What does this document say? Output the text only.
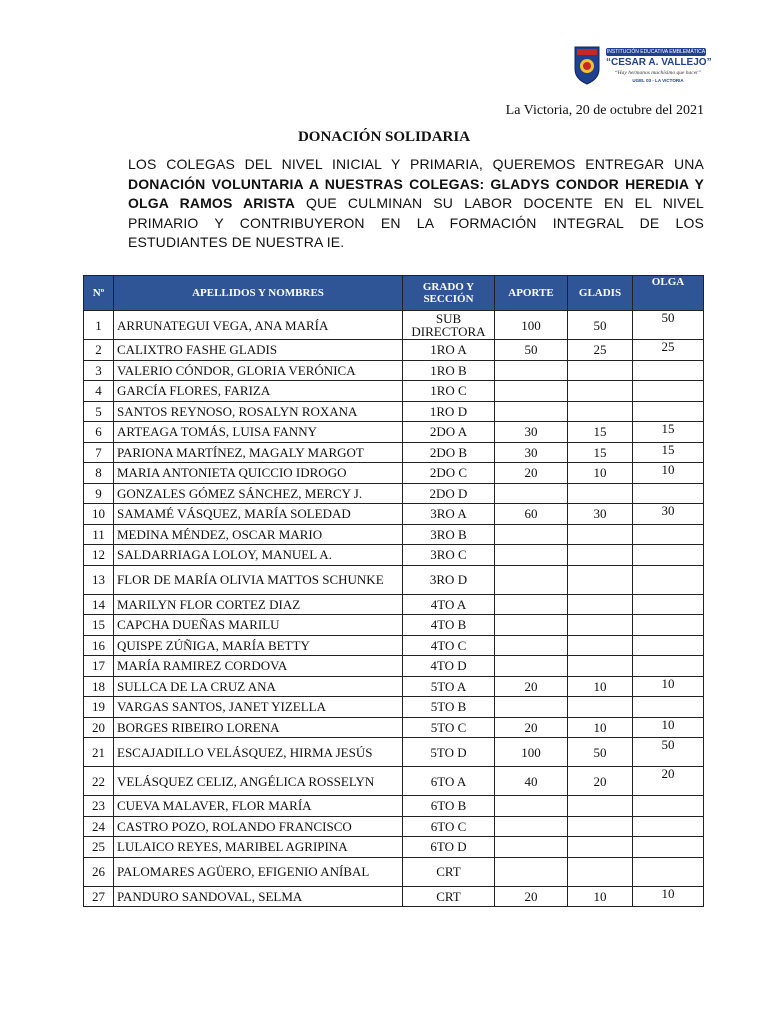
INSTITUCIÓN EDUCATIVA EMBLEMÁTICA
“CESAR A. VALLEJO”
“Hay hermanos muchísimo que hacer”
UGEL 03 - LA VICTORIA
La Victoria, 20 de octubre del 2021
DONACIÓN SOLIDARIA
LOS COLEGAS DEL NIVEL INICIAL Y PRIMARIA, QUEREMOS ENTREGAR UNA DONACIÓN VOLUNTARIA A NUESTRAS COLEGAS: GLADYS CONDOR HEREDIA Y OLGA RAMOS ARISTA QUE CULMINAN SU LABOR DOCENTE EN EL NIVEL PRIMARIO Y CONTRIBUYERON EN LA FORMACIÓN INTEGRAL DE LOS ESTUDIANTES DE NUESTRA IE.
Nº	APELLIDOS Y NOMBRES	GRADO Y SECCIÓN	APORTE	GLADIS	OLGA
1	ARRUNATEGUI VEGA, ANA MARÍA	SUB DIRECTORA	100	50	50
2	CALIXTRO FASHE GLADIS	1RO A	50	25	25
3	VALERIO CÓNDOR, GLORIA VERÓNICA	1RO B			
4	GARCÍA FLORES, FARIZA	1RO C			
5	SANTOS REYNOSO, ROSALYN ROXANA	1RO D			
6	ARTEAGA TOMÁS, LUISA FANNY	2DO A	30	15	15
7	PARIONA MARTÍNEZ, MAGALY MARGOT	2DO B	30	15	15
8	MARIA ANTONIETA QUICCIO IDROGO	2DO C	20	10	10
9	GONZALES GÓMEZ SÁNCHEZ, MERCY J.	2DO D			
10	SAMAMÉ VÁSQUEZ, MARÍA SOLEDAD	3RO A	60	30	30
11	MEDINA MÉNDEZ, OSCAR MARIO	3RO B			
12	SALDARRIAGA LOLOY, MANUEL A.	3RO C			
13	FLOR DE MARÍA OLIVIA MATTOS SCHUNKE	3RO D			
14	MARILYN FLOR CORTEZ DIAZ	4TO A			
15	CAPCHA DUEÑAS MARILU	4TO B			
16	QUISPE ZÚÑIGA, MARÍA BETTY	4TO C			
17	MARÍA RAMIREZ CORDOVA	4TO D			
18	SULLCA DE LA CRUZ ANA	5TO A	20	10	10
19	VARGAS SANTOS, JANET YIZELLA	5TO B			
20	BORGES RIBEIRO LORENA	5TO C	20	10	10
21	ESCAJADILLO VELÁSQUEZ, HIRMA JESÚS	5TO D	100	50	50
22	VELÁSQUEZ CELIZ, ANGÉLICA ROSSELYN	6TO A	40	20	20
23	CUEVA MALAVER, FLOR MARÍA	6TO B			
24	CASTRO POZO, ROLANDO FRANCISCO	6TO C			
25	LULAICO REYES, MARIBEL AGRIPINA	6TO D			
26	PALOMARES AGÜERO, EFIGENIO ANÍBAL	CRT			
27	PANDURO SANDOVAL, SELMA	CRT	20	10	10
